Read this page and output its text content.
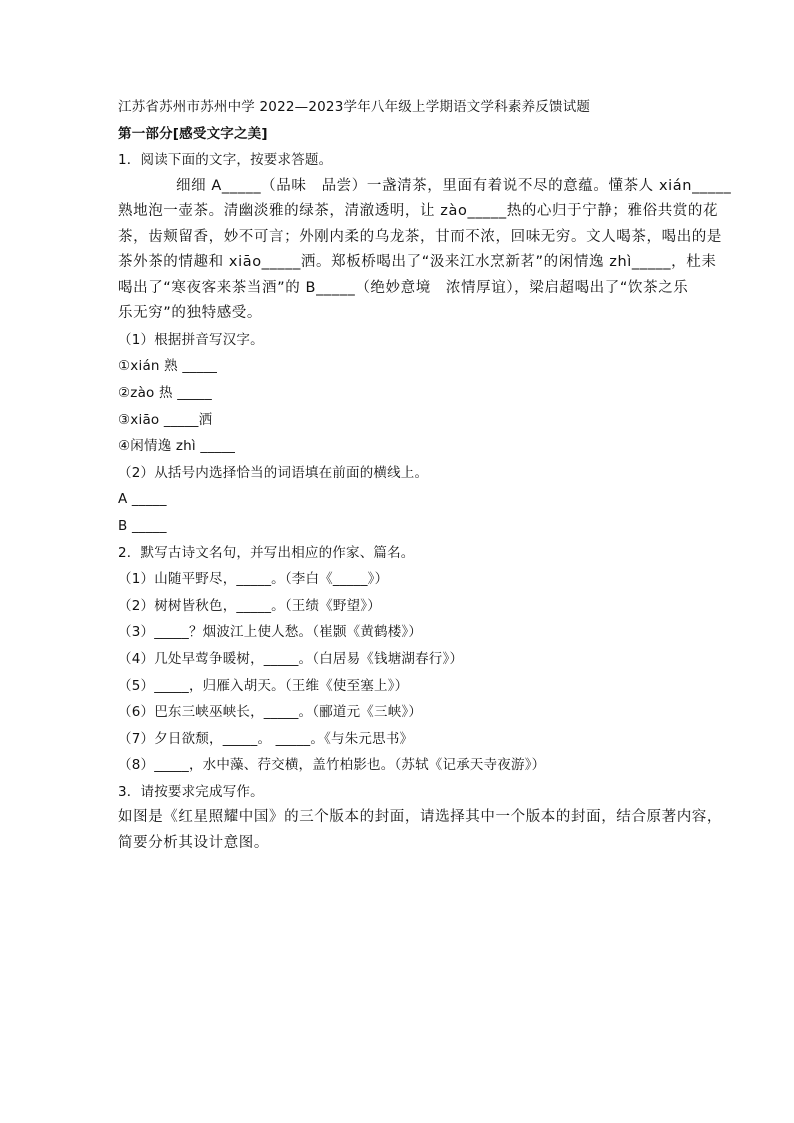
江苏省苏州市苏州中学 2022—2023学年八年级上学期语文学科素养反馈试题
第一部分[感受文字之美]
1．阅读下面的文字，按要求答题。
细细 A_____（品味　品尝）一盏清茶，里面有着说不尽的意蕴。懂茶人 xián_____
熟地泡一壶茶。清幽淡雅的绿茶，清澈透明，让 zào_____热的心归于宁静；雅俗共赏的花
茶，齿颊留香，妙不可言；外刚内柔的乌龙茶，甘而不浓，回味无穷。文人喝茶，喝出的是
茶外茶的情趣和 xiāo_____洒。郑板桥喝出了“汲来江水烹新茗”的闲情逸 zhì_____，杜耒
喝出了“寒夜客来茶当酒”的 B_____（绝妙意境　浓情厚谊），梁启超喝出了“饮茶之乐
乐无穷”的独特感受。
（1）根据拼音写汉字。
①xián 熟 _____
②zào 热 _____
③xiāo _____洒
④闲情逸 zhì _____
（2）从括号内选择恰当的词语填在前面的横线上。
A _____
B _____
2．默写古诗文名句，并写出相应的作家、篇名。
（1）山随平野尽，_____。（李白《_____》）
（2）树树皆秋色，_____。（王绩《野望》）
（3）_____？烟波江上使人愁。（崔颢《黄鹤楼》）
（4）几处早莺争暖树，_____。（白居易《钱塘湖春行》）
（5）_____，归雁入胡天。（王维《使至塞上》）
（6）巴东三峡巫峡长，_____。（郦道元《三峡》）
（7）夕日欲颓，_____。 _____。《与朱元思书》
（8）_____，水中藻、荇交横，盖竹柏影也。（苏轼《记承天寺夜游》）
3．请按要求完成写作。
如图是《红星照耀中国》的三个版本的封面，请选择其中一个版本的封面，结合原著内容，
简要分析其设计意图。
